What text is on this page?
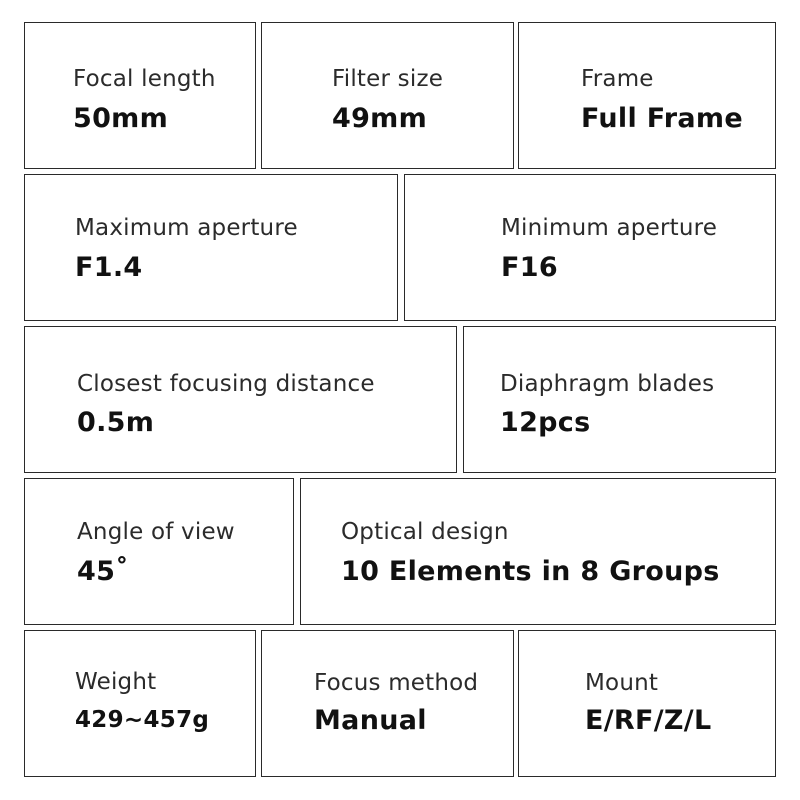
Focal length
50mm
Filter size
49mm
Frame
Full Frame
Maximum aperture
F1.4
Minimum aperture
F16
Closest focusing distance
0.5m
Diaphragm blades
12pcs
Angle of view
45˚
Optical design
10 Elements in 8 Groups
Weight
429~457g
Focus method
Manual
Mount
E/RF/Z/L
